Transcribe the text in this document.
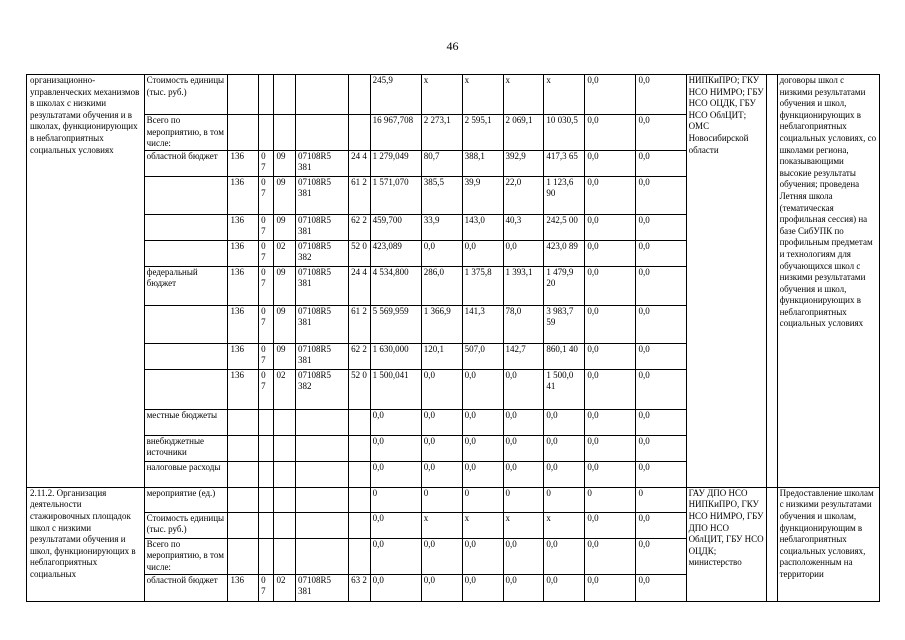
46
организационно-управленческих механизмов в школах с низкими результатами обучения и в школах, функционирующих в неблагоприятных социальных условиях	Стоимость единицы (тыс. руб.)						245,9	х	х	х	х	0,0	0,0	НИПКиПРО; ГКУ НСО НИМРО; ГБУ НСО ОЦДК, ГБУ НСО ОблЦИТ; ОМС Новосибирской области		договоры школ с низкими результатами обучения и школ, функционирующих в неблагоприятных социальных условиях, со школами региона, показывающими высокие результаты обучения; проведена Летняя школа (тематическая профильная сессия) на базе СибУПК по профильным предметам и технологиям для обучающихся школ с низкими результатами обучения и школ, функционирующих в неблагоприятных социальных условиях
	Всего по мероприятию, в том числе:						16 967,708	2 273,1	2 595,1	2 069,1	10 030,5	0,0	0,0			
	областной бюджет	136	0 7	09	07108R5 381	24 4	1 279,049	80,7	388,1	392,9	417,3 65	0,0	0,0			
		136	0 7	09	07108R5 381	61 2	1 571,070	385,5	39,9	22,0	1 123,6 90	0,0	0,0			
		136	0 7	09	07108R5 381	62 2	459,700	33,9	143,0	40,3	242,5 00	0,0	0,0			
		136	0 7	02	07108R5 382	52 0	423,089	0,0	0,0	0,0	423,0 89	0,0	0,0			
	федеральный бюджет	136	0 7	09	07108R5 381	24 4	4 534,800	286,0	1 375,8	1 393,1	1 479,9 20	0,0	0,0			
		136	0 7	09	07108R5 381	61 2	5 569,959	1 366,9	141,3	78,0	3 983,7 59	0,0	0,0			
		136	0 7	09	07108R5 381	62 2	1 630,000	120,1	507,0	142,7	860,1 40	0,0	0,0			
		136	0 7	02	07108R5 382	52 0	1 500,041	0,0	0,0	0,0	1 500,0 41	0,0	0,0			
	местные бюджеты						0,0	0,0	0,0	0,0	0,0	0,0	0,0			
	внебюджетные источники						0,0	0,0	0,0	0,0	0,0	0,0	0,0			
	налоговые расходы						0,0	0,0	0,0	0,0	0,0	0,0	0,0			
2.11.2. Организация деятельности стажировочных площадок школ с низкими результатами обучения и школ, функционирующих в неблагоприятных социальных	мероприятие (ед.)						0	0	0	0	0	0	0	ГАУ ДПО НСО НИПКиПРО, ГКУ НСО НИМРО, ГБУ ДПО НСО ОблЦИТ, ГБУ НСО ОЦДК; министерство		Предоставление школам с низкими результатами обучения и школам, функционирующим в неблагоприятных социальных условиях, расположенным на территории
	Стоимость единицы (тыс. руб.)						0,0	х	х	х	х	0,0	0,0			
	Всего по мероприятию, в том числе:						0,0	0,0	0,0	0,0	0,0	0,0	0,0			
	областной бюджет	136	0 7	02	07108R5 381	63 2	0,0	0,0	0,0	0,0	0,0	0,0	0,0			
